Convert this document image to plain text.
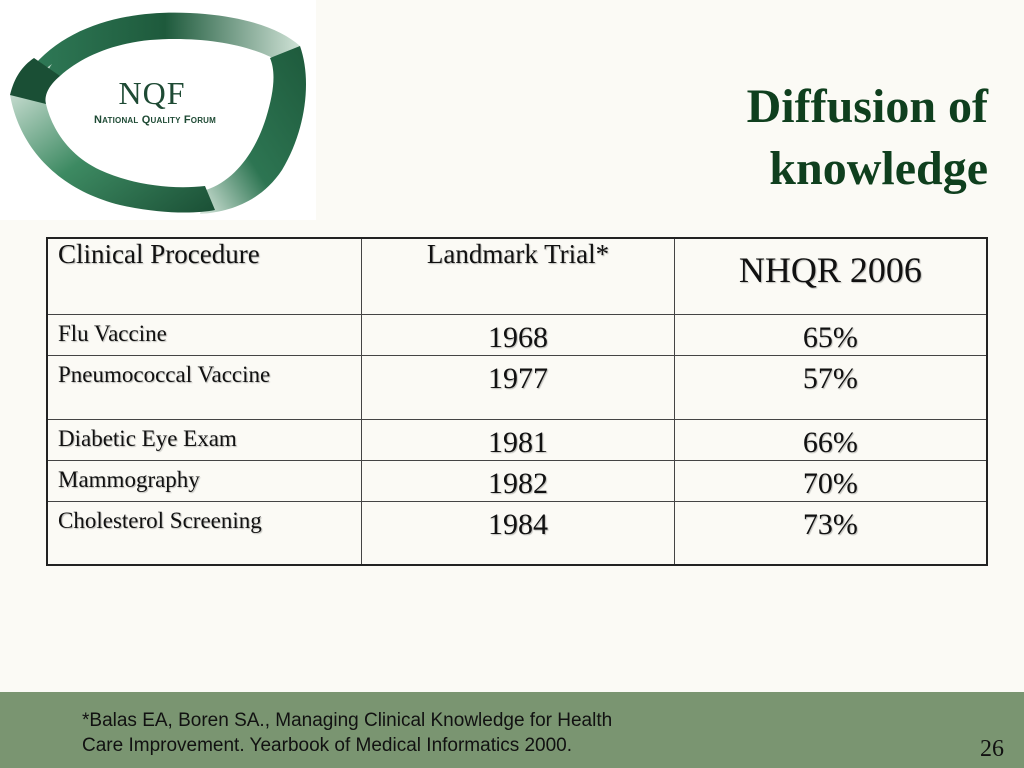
NQF
National Quality Forum	Diffusion of
knowledge
Clinical Procedure	Landmark Trial*	NHQR 2006
Flu Vaccine	1968	65%
Pneumococcal Vaccine	1977	57%
Diabetic Eye Exam	1981	66%
Mammography	1982	70%
Cholesterol Screening	1984	73%

*Balas EA, Boren SA., Managing Clinical Knowledge for Health
Care Improvement. Yearbook of Medical Informatics 2000.	26
